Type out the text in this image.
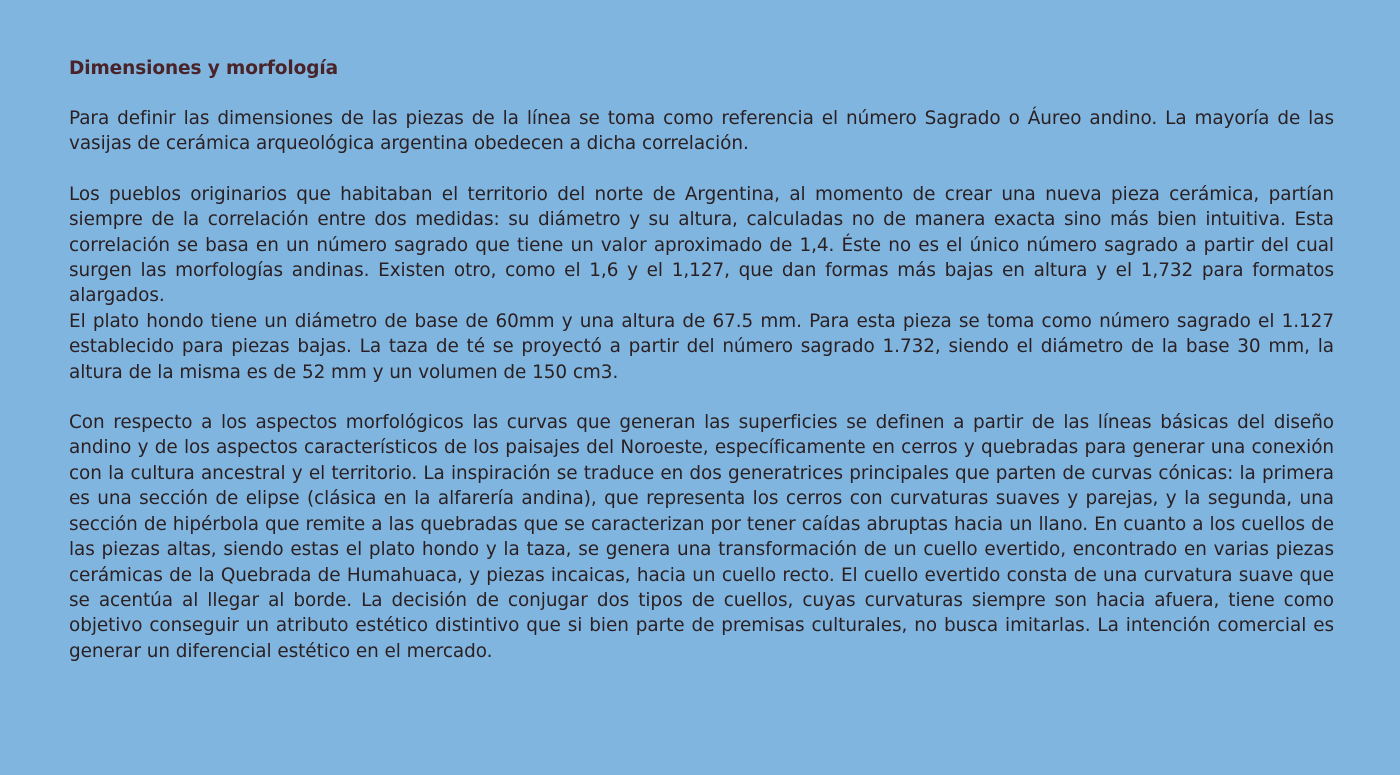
Dimensiones y morfología

Para definir las dimensiones de las piezas de la línea se toma como referencia el número Sagrado o Áureo andino. La mayoría de las vasijas de cerámica arqueológica argentina obedecen a dicha correlación.

Los pueblos originarios que habitaban el territorio del norte de Argentina, al momento de crear una nueva pieza cerámica, partían siempre de la correlación entre dos medidas: su diámetro y su altura, calculadas no de manera exacta sino más bien intuitiva. Esta correlación se basa en un número sagrado que tiene un valor aproximado de 1,4. Éste no es el único número sagrado a partir del cual surgen las morfologías andinas. Existen otro, como el 1,6 y el 1,127, que dan formas más bajas en altura y el 1,732 para formatos alargados.

El plato hondo tiene un diámetro de base de 60mm y una altura de 67.5 mm. Para esta pieza se toma como número sagrado el 1.127 establecido para piezas bajas. La taza de té se proyectó a partir del número sagrado 1.732, siendo el diámetro de la base 30 mm, la altura de la misma es de 52 mm y un volumen de 150 cm3.

Con respecto a los aspectos morfológicos las curvas que generan las superficies se definen a partir de las líneas básicas del diseño andino y de los aspectos característicos de los paisajes del Noroeste, específicamente en cerros y quebradas para generar una conexión con la cultura ancestral y el territorio. La inspiración se traduce en dos generatrices principales que parten de curvas cónicas: la primera es una sección de elipse (clásica en la alfarería andina), que representa los cerros con curvaturas suaves y parejas, y la segunda, una sección de hipérbola que remite a las quebradas que se caracterizan por tener caídas abruptas hacia un llano. En cuanto a los cuellos de las piezas altas, siendo estas el plato hondo y la taza, se genera una transformación de un cuello evertido, encontrado en varias piezas cerámicas de la Quebrada de Humahuaca, y piezas incaicas, hacia un cuello recto. El cuello evertido consta de una curvatura suave que se acentúa al llegar al borde. La decisión de conjugar dos tipos de cuellos, cuyas curvaturas siempre son hacia afuera, tiene como objetivo conseguir un atributo estético distintivo que si bien parte de premisas culturales, no busca imitarlas. La intención comercial es generar un diferencial estético en el mercado.
